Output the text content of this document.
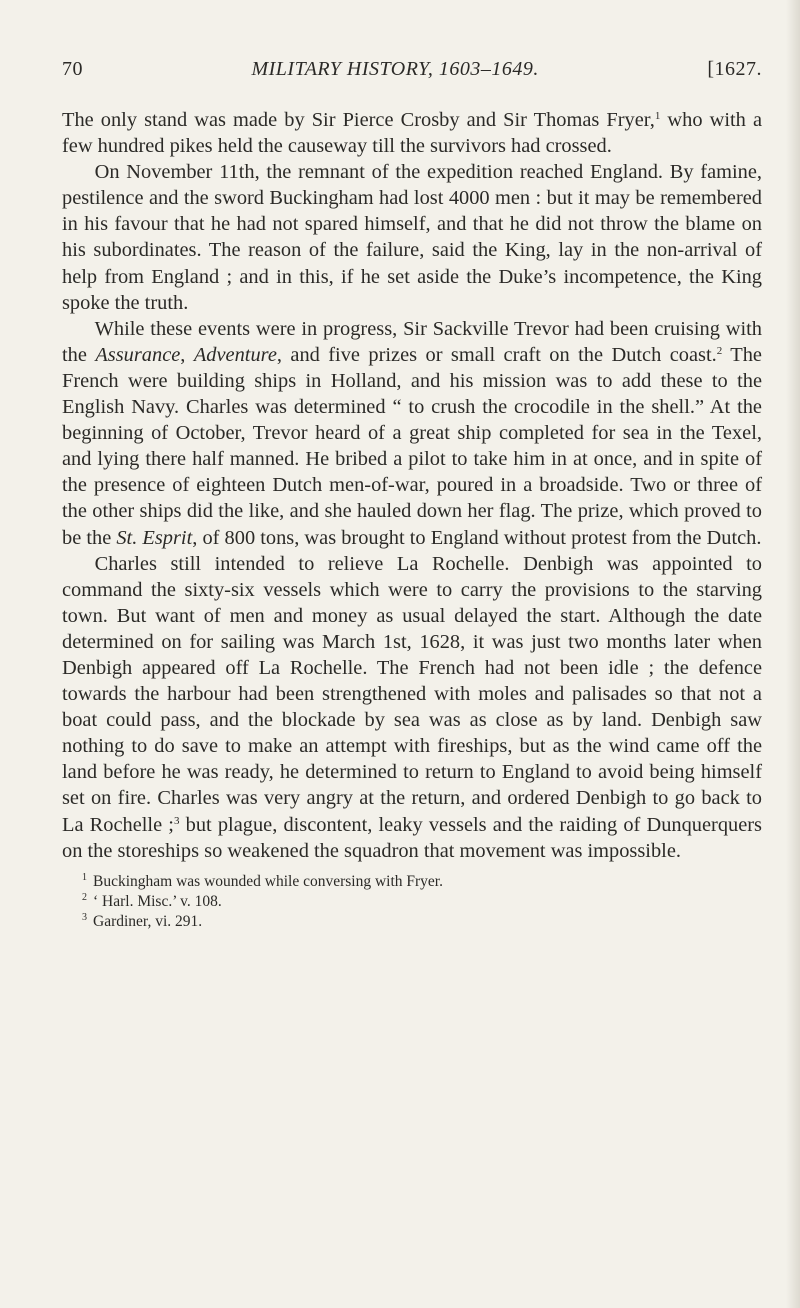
70	MILITARY HISTORY, 1603–1649.	[1627.

The only stand was made by Sir Pierce Crosby and Sir Thomas Fryer,$^1$ who with a few hundred pikes held the causeway till the survivors had crossed.

On November 11th, the remnant of the expedition reached England. By famine, pestilence and the sword Buckingham had lost 4000 men : but it may be remembered in his favour that he had not spared himself, and that he did not throw the blame on his subordinates. The reason of the failure, said the King, lay in the non-arrival of help from England ; and in this, if he set aside the Duke’s incompetence, the King spoke the truth.

While these events were in progress, Sir Sackville Trevor had been cruising with the Assurance, Adventure, and five prizes or small craft on the Dutch coast.$^2$ The French were building ships in Holland, and his mission was to add these to the English Navy. Charles was determined “ to crush the crocodile in the shell.” At the beginning of October, Trevor heard of a great ship completed for sea in the Texel, and lying there half manned. He bribed a pilot to take him in at once, and in spite of the presence of eighteen Dutch men-of-war, poured in a broadside. Two or three of the other ships did the like, and she hauled down her flag. The prize, which proved to be the St. Esprit, of 800 tons, was brought to England without protest from the Dutch.

Charles still intended to relieve La Rochelle. Denbigh was appointed to command the sixty-six vessels which were to carry the provisions to the starving town. But want of men and money as usual delayed the start. Although the date determined on for sailing was March 1st, 1628, it was just two months later when Denbigh appeared off La Rochelle. The French had not been idle ; the defence towards the harbour had been strengthened with moles and palisades so that not a boat could pass, and the blockade by sea was as close as by land. Denbigh saw nothing to do save to make an attempt with fireships, but as the wind came off the land before he was ready, he determined to return to England to avoid being himself set on fire. Charles was very angry at the return, and ordered Denbigh to go back to La Rochelle ;$^3$ but plague, discontent, leaky vessels and the raiding of Dunquerquers on the storeships so weakened the squadron that movement was impossible.

$^1$ Buckingham was wounded while conversing with Fryer.
$^2$ ‘ Harl. Misc.’ v. 108.
$^3$ Gardiner, vi. 291.
